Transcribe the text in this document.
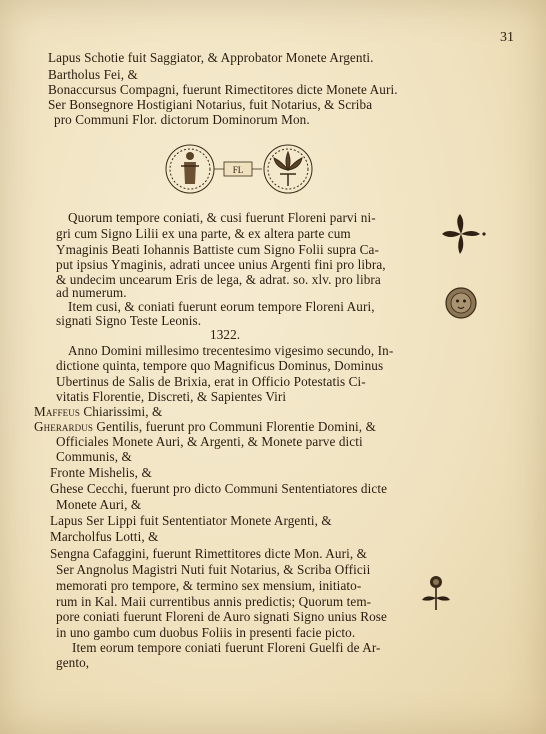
31
Lapus Schotie fuit Saggiator, & Approbator Monete Argenti.
Bartholus Fei, &
Bonaccursus Compagni, fuerunt Rimectitores dicte Monete Auri.
Ser Bonsegnore Hostigiani Notarius, fuit Notarius, & Scriba
pro Communi Flor. dictorum Dominorum Mon.
FL
Quorum tempore coniati, & cusi fuerunt Floreni parvi ni-
gri cum Signo Lilii ex una parte, & ex altera parte cum
Ymaginis Beati Iohannis Battiste cum Signo Folii supra Ca-
put ipsius Ymaginis, adrati uncee unius Argenti fini pro libra,
& undecim uncearum Eris de lega, & adrat. so. xlv. pro libra
ad numerum.
Item cusi, & coniati fuerunt eorum tempore Floreni Auri,
signati Signo Teste Leonis.
1322.
Anno Domini millesimo trecentesimo vigesimo secundo, In-
dictione quinta, tempore quo Magnificus Dominus, Dominus
Ubertinus de Salis de Brixia, erat in Officio Potestatis Ci-
vitatis Florentie, Discreti, & Sapientes Viri
Maffeus Chiarissimi, &
Gherardus Gentilis, fuerunt pro Communi Florentie Domini, &
Officiales Monete Auri, & Argenti, & Monete parve dicti
Communis, &
Fronte Mishelis, &
Ghese Cecchi, fuerunt pro dicto Communi Sententiatores dicte
Monete Auri, &
Lapus Ser Lippi fuit Sententiator Monete Argenti, &
Marcholfus Lotti, &
Sengna Cafaggini, fuerunt Rimettitores dicte Mon. Auri, &
Ser Angnolus Magistri Nuti fuit Notarius, & Scriba Officii
memorati pro tempore, & termino sex mensium, initiato-
rum in Kal. Maii currentibus annis predictis; Quorum tem-
pore coniati fuerunt Floreni de Auro signati Signo unius Rose
in uno gambo cum duobus Foliis in presenti facie picto.
Item eorum tempore coniati fuerunt Floreni Guelfi de Ar-
gento,
